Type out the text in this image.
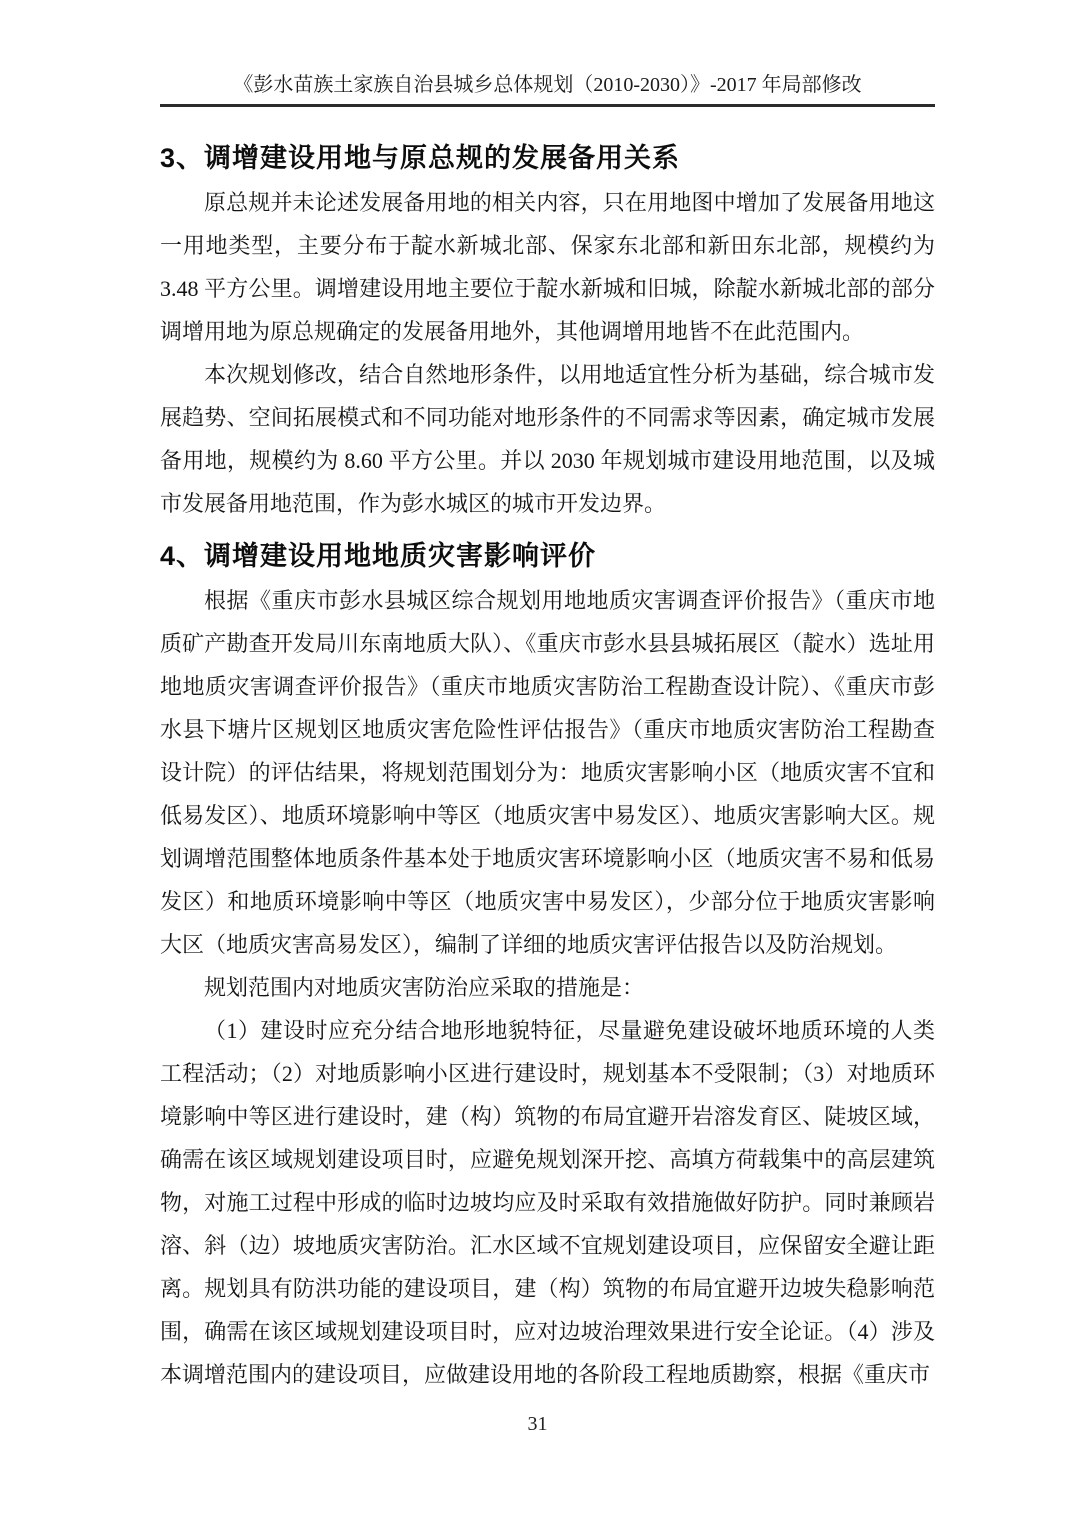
《彭水苗族土家族自治县城乡总体规划（2010-2030）》-2017 年局部修改
3、调增建设用地与原总规的发展备用关系

原总规并未论述发展备用地的相关内容，只在用地图中增加了发展备用地这一用地类型，主要分布于靛水新城北部、保家东北部和新田东北部，规模约为 3.48 平方公里。调增建设用地主要位于靛水新城和旧城，除靛水新城北部的部分调增用地为原总规确定的发展备用地外，其他调增用地皆不在此范围内。

本次规划修改，结合自然地形条件，以用地适宜性分析为基础，综合城市发展趋势、空间拓展模式和不同功能对地形条件的不同需求等因素，确定城市发展备用地，规模约为 8.60 平方公里。并以 2030 年规划城市建设用地范围，以及城市发展备用地范围，作为彭水城区的城市开发边界。

4、调增建设用地地质灾害影响评价

根据《重庆市彭水县城区综合规划用地地质灾害调查评价报告》（重庆市地质矿产勘查开发局川东南地质大队）、《重庆市彭水县县城拓展区（靛水）选址用地地质灾害调查评价报告》（重庆市地质灾害防治工程勘查设计院）、《重庆市彭水县下塘片区规划区地质灾害危险性评估报告》（重庆市地质灾害防治工程勘查设计院）的评估结果，将规划范围划分为：地质灾害影响小区（地质灾害不宜和低易发区）、地质环境影响中等区（地质灾害中易发区）、地质灾害影响大区。规划调增范围整体地质条件基本处于地质灾害环境影响小区（地质灾害不易和低易发区）和地质环境影响中等区（地质灾害中易发区），少部分位于地质灾害影响大区（地质灾害高易发区），编制了详细的地质灾害评估报告以及防治规划。

规划范围内对地质灾害防治应采取的措施是：

（1）建设时应充分结合地形地貌特征，尽量避免建设破坏地质环境的人类工程活动；（2）对地质影响小区进行建设时，规划基本不受限制；（3）对地质环境影响中等区进行建设时，建（构）筑物的布局宜避开岩溶发育区、陡坡区域，确需在该区域规划建设项目时，应避免规划深开挖、高填方荷载集中的高层建筑物，对施工过程中形成的临时边坡均应及时采取有效措施做好防护。同时兼顾岩溶、斜（边）坡地质灾害防治。汇水区域不宜规划建设项目，应保留安全避让距离。规划具有防洪功能的建设项目，建（构）筑物的布局宜避开边坡失稳影响范围，确需在该区域规划建设项目时，应对边坡治理效果进行安全论证。（4）涉及本调增范围内的建设项目，应做建设用地的各阶段工程地质勘察，根据《重庆市

31
